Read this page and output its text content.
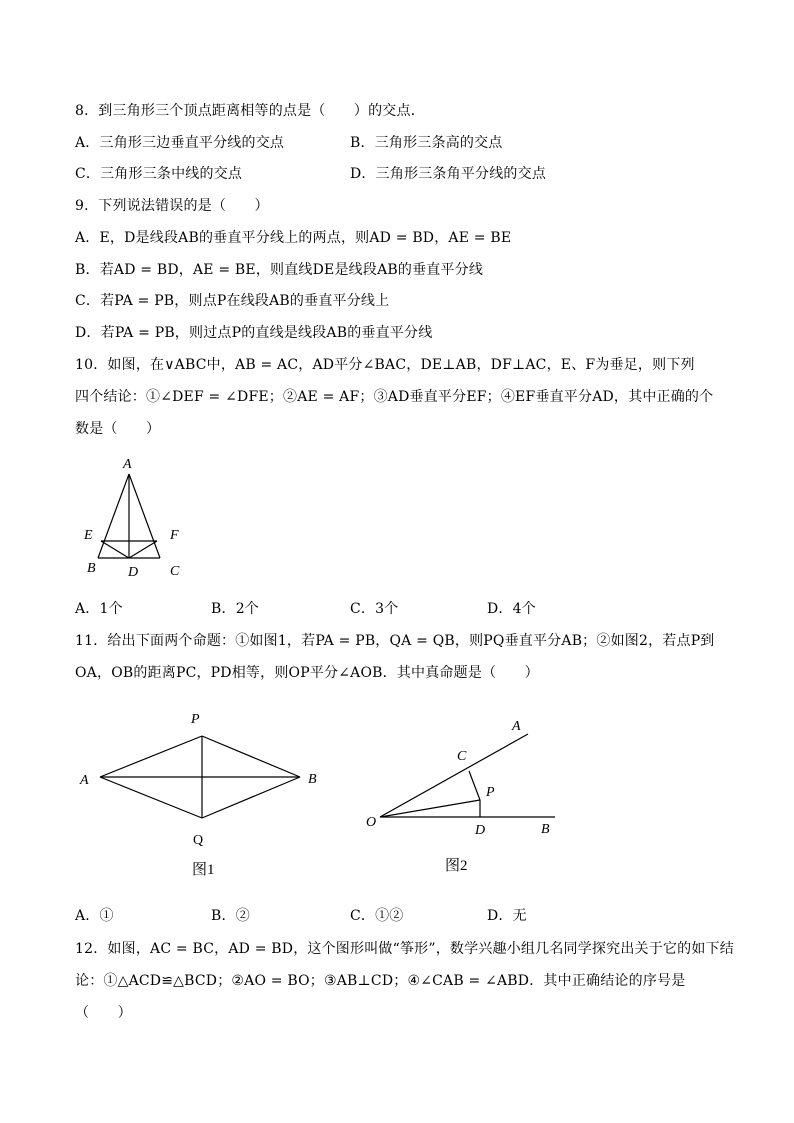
8．到三角形三个顶点距离相等的点是（　　）的交点．
A．三角形三边垂直平分线的交点	B．三角形三条高的交点
C．三角形三条中线的交点	D．三角形三条角平分线的交点
9．下列说法错误的是（　　）
A．E，D是线段AB的垂直平分线上的两点，则AD = BD，AE = BE
B．若AD = BD，AE = BE，则直线DE是线段AB的垂直平分线
C．若PA = PB，则点P在线段AB的垂直平分线上
D．若PA = PB，则过点P的直线是线段AB的垂直平分线
10．如图，在∨ABC中，AB = AC，AD平分∠BAC，DE⊥AB，DF⊥AC，E、F为垂足，则下列
四个结论：①∠DEF = ∠DFE；②AE = AF；③AD垂直平分EF；④EF垂直平分AD，其中正确的个
数是（　　）
A
E	F
B D C
A．1个	B．2个	C．3个	D．4个
11．给出下面两个命题：①如图1，若PA = PB，QA = QB，则PQ垂直平分AB；②如图2，若点P到
OA，OB的距离PC，PD相等，则OP平分∠AOB．其中真命题是（　　）
P
A	B
Q
图1
A
C
P
O
D	B
图2
A．①	B．②	C．①②	D．无
12．如图，AC = BC，AD = BD，这个图形叫做“筝形”，数学兴趣小组几名同学探究出关于它的如下结
论：①△ACD≌△BCD；②AO = BO；③AB⊥CD；④∠CAB = ∠ABD．其中正确结论的序号是
（　　）
